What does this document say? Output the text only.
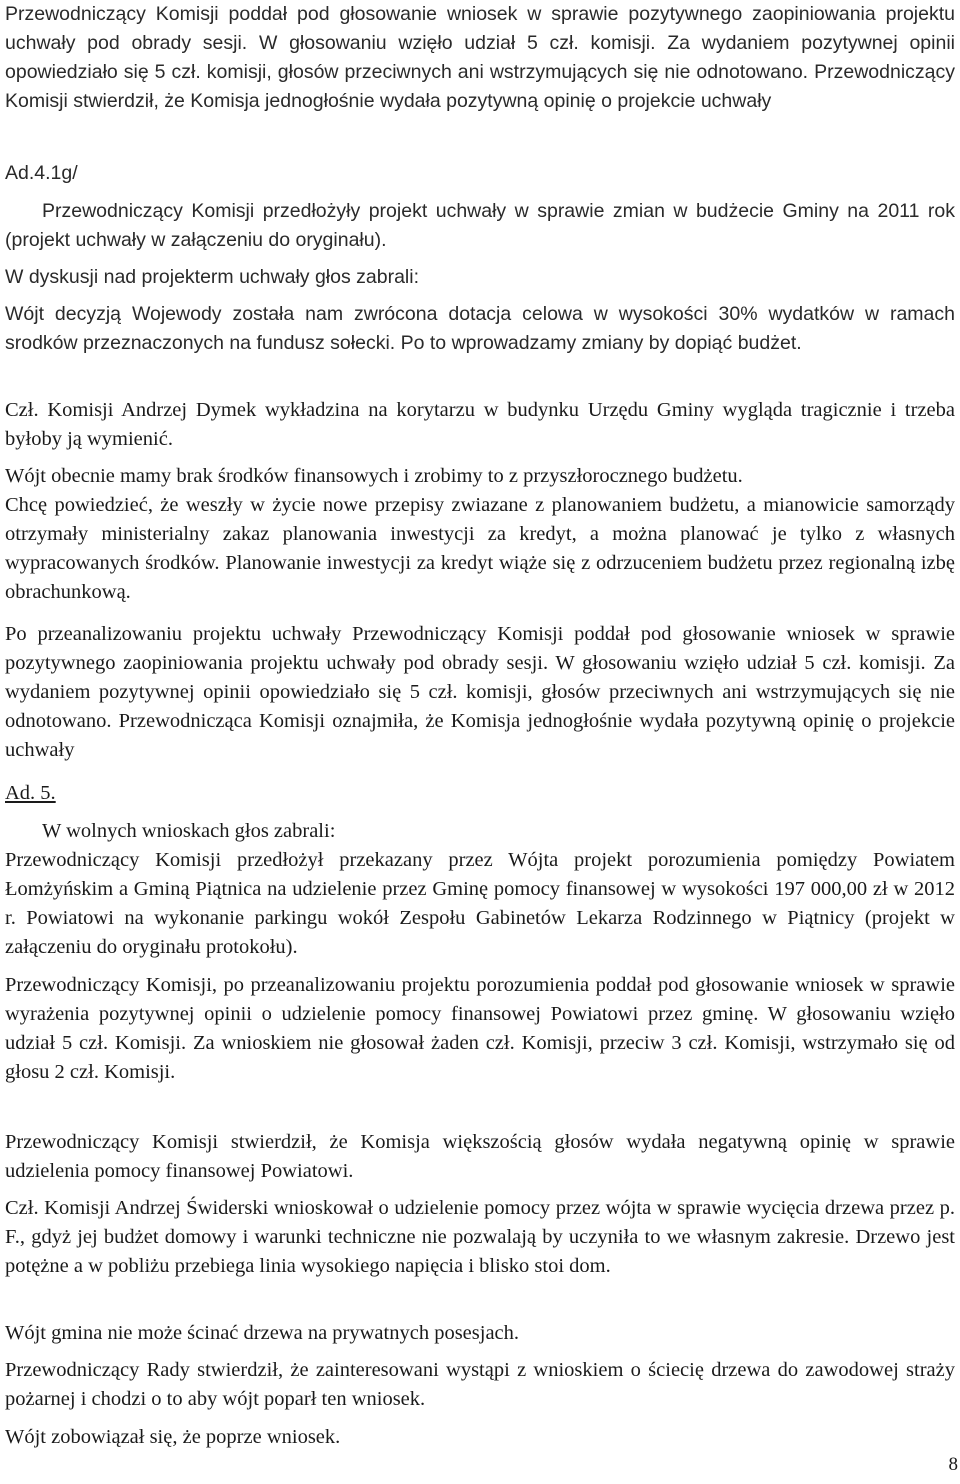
Przewodniczący Komisji poddał pod głosowanie wniosek w sprawie pozytywnego zaopiniowania projektu uchwały pod obrady sesji. W głosowaniu wzięło udział 5 czł. komisji. Za wydaniem pozytywnej opinii opowiedziało się 5 czł. komisji, głosów przeciwnych ani wstrzymujących się nie odnotowano. Przewodniczący Komisji stwierdził, że Komisja jednogłośnie wydała pozytywną opinię o projekcie uchwały

Ad.4.1g/

Przewodniczący Komisji przedłożyły projekt uchwały w sprawie zmian w budżecie Gminy na 2011 rok (projekt uchwały w załączeniu do oryginału).

W dyskusji nad projekterm uchwały głos zabrali:

Wójt decyzją Wojewody została nam zwrócona dotacja celowa w wysokości 30% wydatków w ramach srodków przeznaczonych na fundusz sołecki. Po to wprowadzamy zmiany by dopiąć budżet.

Czł. Komisji Andrzej Dymek wykładzina na korytarzu w budynku Urzędu Gminy wygląda tragicznie i trzeba byłoby ją wymienić.

Wójt obecnie mamy brak środków finansowych i zrobimy to z przyszłorocznego budżetu.

Chcę powiedzieć, że weszły w życie nowe przepisy zwiazane z planowaniem budżetu, a mianowicie samorządy otrzymały ministerialny zakaz planowania inwestycji za kredyt, a można planować je tylko z własnych wypracowanych środków. Planowanie inwestycji za kredyt wiąże się z odrzuceniem budżetu przez regionalną izbę obrachunkową.

Po przeanalizowaniu projektu uchwały Przewodniczący Komisji poddał pod głosowanie wniosek w sprawie pozytywnego zaopiniowania projektu uchwały pod obrady sesji. W głosowaniu wzięło udział 5 czł. komisji. Za wydaniem pozytywnej opinii opowiedziało się 5 czł. komisji, głosów przeciwnych ani wstrzymujących się nie odnotowano. Przewodnicząca Komisji oznajmiła, że Komisja jednogłośnie wydała pozytywną opinię o projekcie uchwały

Ad. 5.

W wolnych wnioskach głos zabrali:

Przewodniczący Komisji przedłożył przekazany przez Wójta projekt porozumienia pomiędzy Powiatem Łomżyńskim a Gminą Piątnica na udzielenie przez Gminę pomocy finansowej w wysokości 197 000,00 zł w 2012 r. Powiatowi na wykonanie parkingu wokół Zespołu Gabinetów Lekarza Rodzinnego w Piątnicy (projekt w załączeniu do oryginału protokołu).

Przewodniczący Komisji, po przeanalizowaniu projektu porozumienia poddał pod głosowanie wniosek w sprawie wyrażenia pozytywnej opinii o udzielenie pomocy finansowej Powiatowi przez gminę. W głosowaniu wzięło udział 5 czł. Komisji. Za wnioskiem nie głosował żaden czł. Komisji, przeciw 3 czł. Komisji, wstrzymało się od głosu 2 czł. Komisji.

Przewodniczący Komisji stwierdził, że Komisja większością głosów wydała negatywną opinię w sprawie udzielenia pomocy finansowej Powiatowi.

Czł. Komisji Andrzej Świderski wnioskował o udzielenie pomocy przez wójta w sprawie wycięcia drzewa przez p. F., gdyż jej budżet domowy i warunki techniczne nie pozwalają by uczyniła to we własnym zakresie. Drzewo jest potężne a w pobliżu przebiega linia wysokiego napięcia i blisko stoi dom.

Wójt gmina nie może ścinać drzewa na prywatnych posesjach.

Przewodniczący Rady stwierdził, że zainteresowani wystąpi z wnioskiem o ściecię drzewa do zawodowej straży pożarnej i chodzi o to aby wójt poparł ten wniosek.

Wójt zobowiązał się, że poprze wniosek.

8
